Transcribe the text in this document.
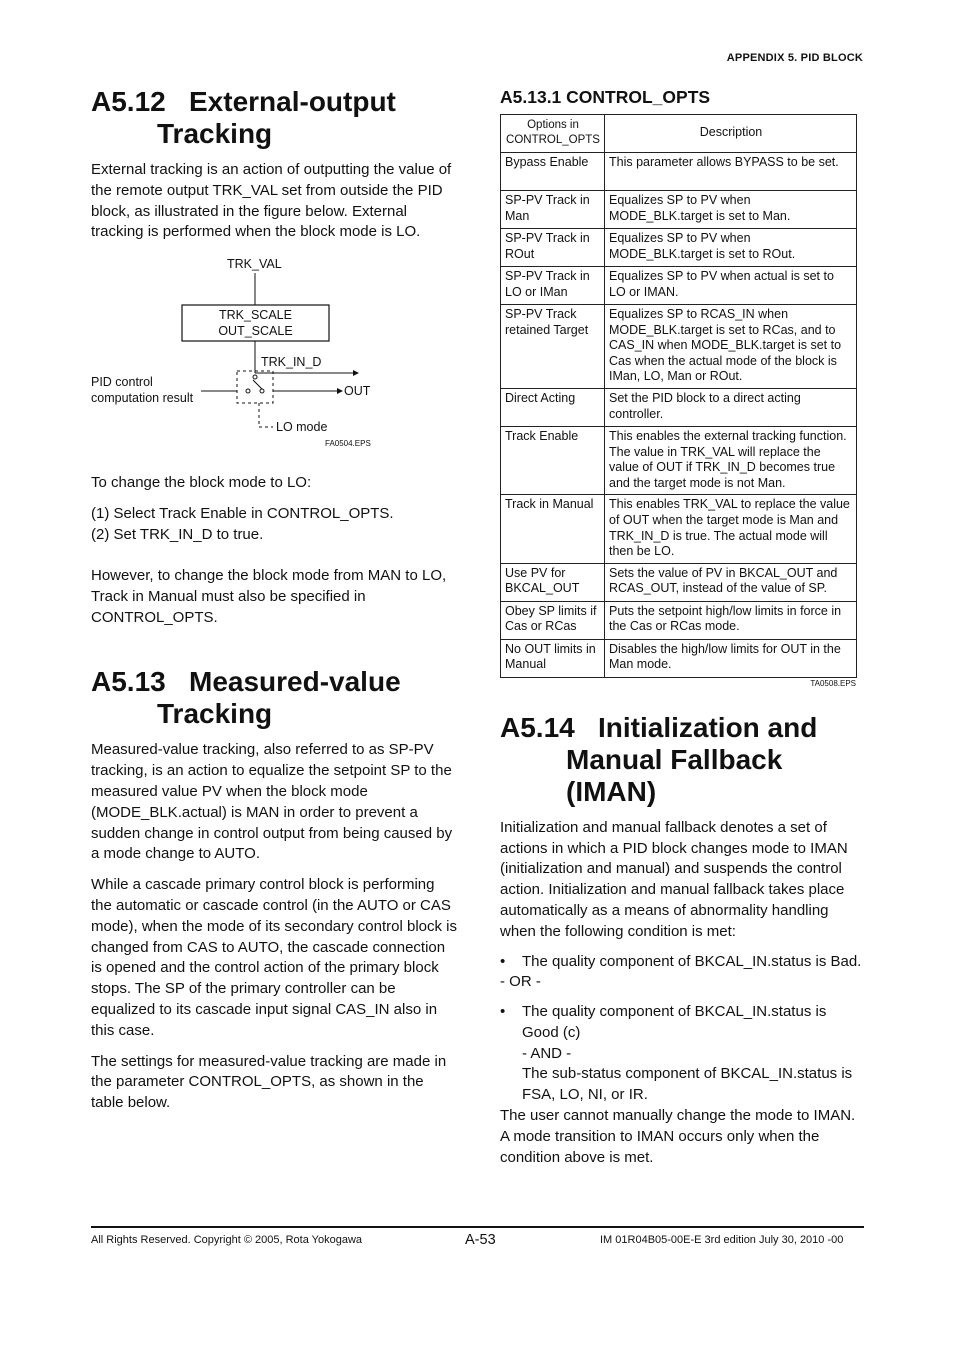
APPENDIX 5. PID BLOCK
A5.12 External-output
Tracking

External tracking is an action of outputting the value of the remote output TRK_VAL set from outside the PID block, as illustrated in the figure below. External tracking is performed when the block mode is LO.

TRK_VAL
TRK_SCALE
OUT_SCALE
TRK_IN_D
PID control
computation result	OUT
LO mode
FA0504.EPS

To change the block mode to LO:

(1) Select Track Enable in CONTROL_OPTS.
(2) Set TRK_IN_D to true.

However, to change the block mode from MAN to LO, Track in Manual must also be specified in CONTROL_OPTS.

A5.13 Measured-value
Tracking

Measured-value tracking, also referred to as SP-PV tracking, is an action to equalize the setpoint SP to the measured value PV when the block mode (MODE_BLK.actual) is MAN in order to prevent a sudden change in control output from being caused by a mode change to AUTO.

While a cascade primary control block is performing the automatic or cascade control (in the AUTO or CAS mode), when the mode of its secondary control block is changed from CAS to AUTO, the cascade connection is opened and the control action of the primary block stops. The SP of the primary controller can be equalized to its cascade input signal CAS_IN also in this case.

The settings for measured-value tracking are made in the parameter CONTROL_OPTS, as shown in the table below.

A5.13.1 CONTROL_OPTS
Options in
CONTROL_OPTS	Description
Bypass Enable	This parameter allows BYPASS to be set.
SP-PV Track in Man	Equalizes SP to PV when MODE_BLK.target is set to Man.
SP-PV Track in ROut	Equalizes SP to PV when MODE_BLK.target is set to ROut.
SP-PV Track in LO or IMan	Equalizes SP to PV when actual is set to LO or IMAN.
SP-PV Track retained Target	Equalizes SP to RCAS_IN when MODE_BLK.target is set to RCas, and to CAS_IN when MODE_BLK.target is set to Cas when the actual mode of the block is IMan, LO, Man or ROut.
Direct Acting	Set the PID block to a direct acting controller.
Track Enable	This enables the external tracking function. The value in TRK_VAL will replace the value of OUT if TRK_IN_D becomes true and the target mode is not Man.
Track in Manual	This enables TRK_VAL to replace the value of OUT when the target mode is Man and TRK_IN_D is true. The actual mode will then be LO.
Use PV for BKCAL_OUT	Sets the value of PV in BKCAL_OUT and RCAS_OUT, instead of the value of SP.
Obey SP limits if Cas or RCas	Puts the setpoint high/low limits in force in the Cas or RCas mode.
No OUT limits in Manual	Disables the high/low limits for OUT in the Man mode.
TA0508.EPS
A5.14 Initialization and
Manual Fallback
(IMAN)

Initialization and manual fallback denotes a set of actions in which a PID block changes mode to IMAN (initialization and manual) and suspends the control action. Initialization and manual fallback takes place automatically as a means of abnormality handling when the following condition is met:

• The quality component of BKCAL_IN.status is Bad.

- OR -

• The quality component of BKCAL_IN.status is Good (c)
- AND -
The sub-status component of BKCAL_IN.status is FSA, LO, NI, or IR.

The user cannot manually change the mode to IMAN. A mode transition to IMAN occurs only when the condition above is met.

All Rights Reserved. Copyright © 2005, Rota Yokogawa	A-53	IM 01R04B05-00E-E 3rd edition July 30, 2010 -00
